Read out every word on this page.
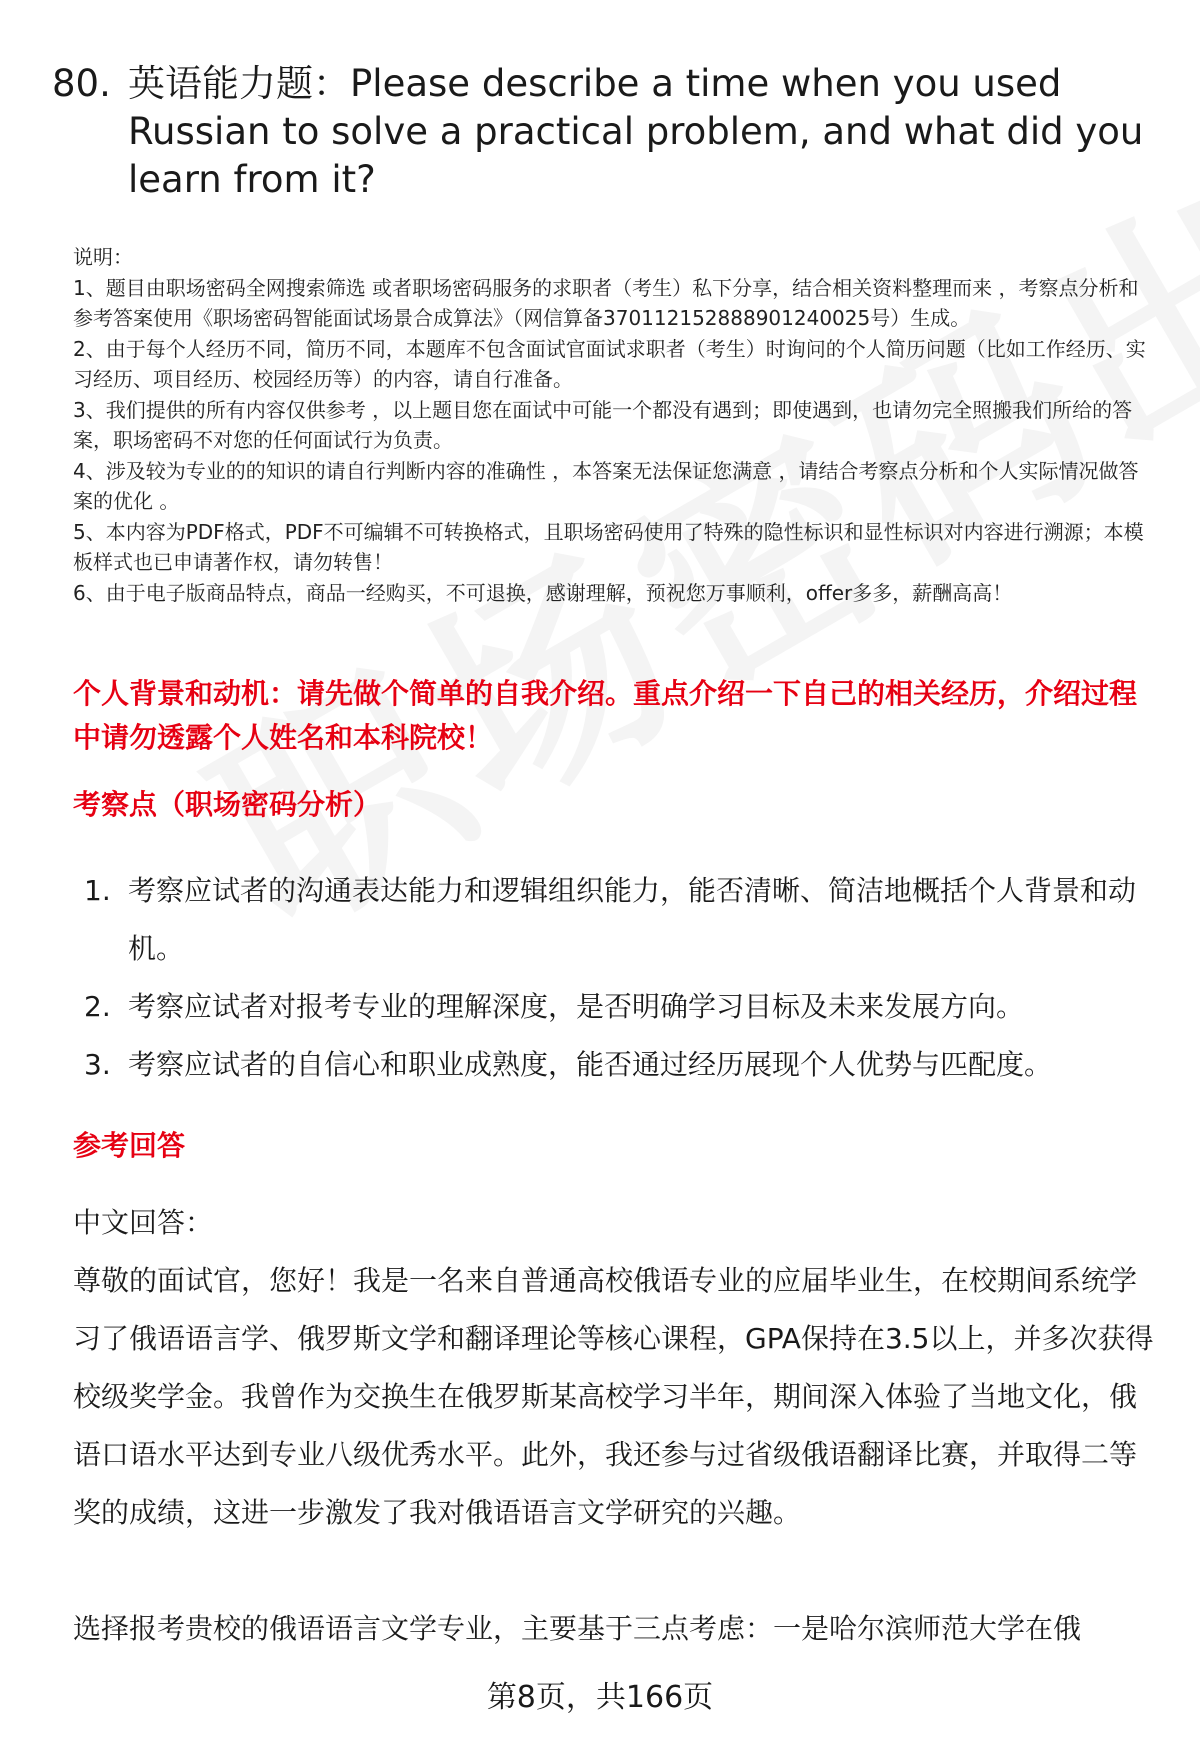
80. 英语能力题：Please describe a time when you used Russian to solve a practical problem, and what did you learn from it?

说明：

1、题目由职场密码全网搜索筛选 或者职场密码服务的求职者（考生）私下分享，结合相关资料整理而来 ，考察点分析和参考答案使用《职场密码智能面试场景合成算法》（网信算备370112152888901240025号）生成。

2、由于每个人经历不同，简历不同，本题库不包含面试官面试求职者（考生）时询问的个人简历问题（比如工作经历、实习经历、项目经历、校园经历等）的内容，请自行准备。

3、我们提供的所有内容仅供参考 ，以上题目您在面试中可能一个都没有遇到；即使遇到，也请勿完全照搬我们所给的答案，职场密码不对您的任何面试行为负责。

4、涉及较为专业的的知识的请自行判断内容的准确性 ，本答案无法保证您满意 ，请结合考察点分析和个人实际情况做答案的优化 。

5、本内容为PDF格式，PDF不可编辑不可转换格式，且职场密码使用了特殊的隐性标识和显性标识对内容进行溯源；本模板样式也已申请著作权，请勿转售！

6、由于电子版商品特点，商品一经购买，不可退换，感谢理解，预祝您万事顺利，offer多多，薪酬高高！

个人背景和动机：请先做个简单的自我介绍。重点介绍一下自己的相关经历，介绍过程中请勿透露个人姓名和本科院校！

考察点（职场密码分析）

1. 考察应试者的沟通表达能力和逻辑组织能力，能否清晰、简洁地概括个人背景和动机。
2. 考察应试者对报考专业的理解深度，是否明确学习目标及未来发展方向。
3. 考察应试者的自信心和职业成熟度，能否通过经历展现个人优势与匹配度。

参考回答

中文回答：

尊敬的面试官，您好！我是一名来自普通高校俄语专业的应届毕业生，在校期间系统学习了俄语语言学、俄罗斯文学和翻译理论等核心课程，GPA保持在3.5以上，并多次获得校级奖学金。我曾作为交换生在俄罗斯某高校学习半年，期间深入体验了当地文化，俄语口语水平达到专业八级优秀水平。此外，我还参与过省级俄语翻译比赛，并取得二等奖的成绩，这进一步激发了我对俄语语言文学研究的兴趣。

选择报考贵校的俄语语言文学专业，主要基于三点考虑：一是哈尔滨师范大学在俄

第8页，共166页
